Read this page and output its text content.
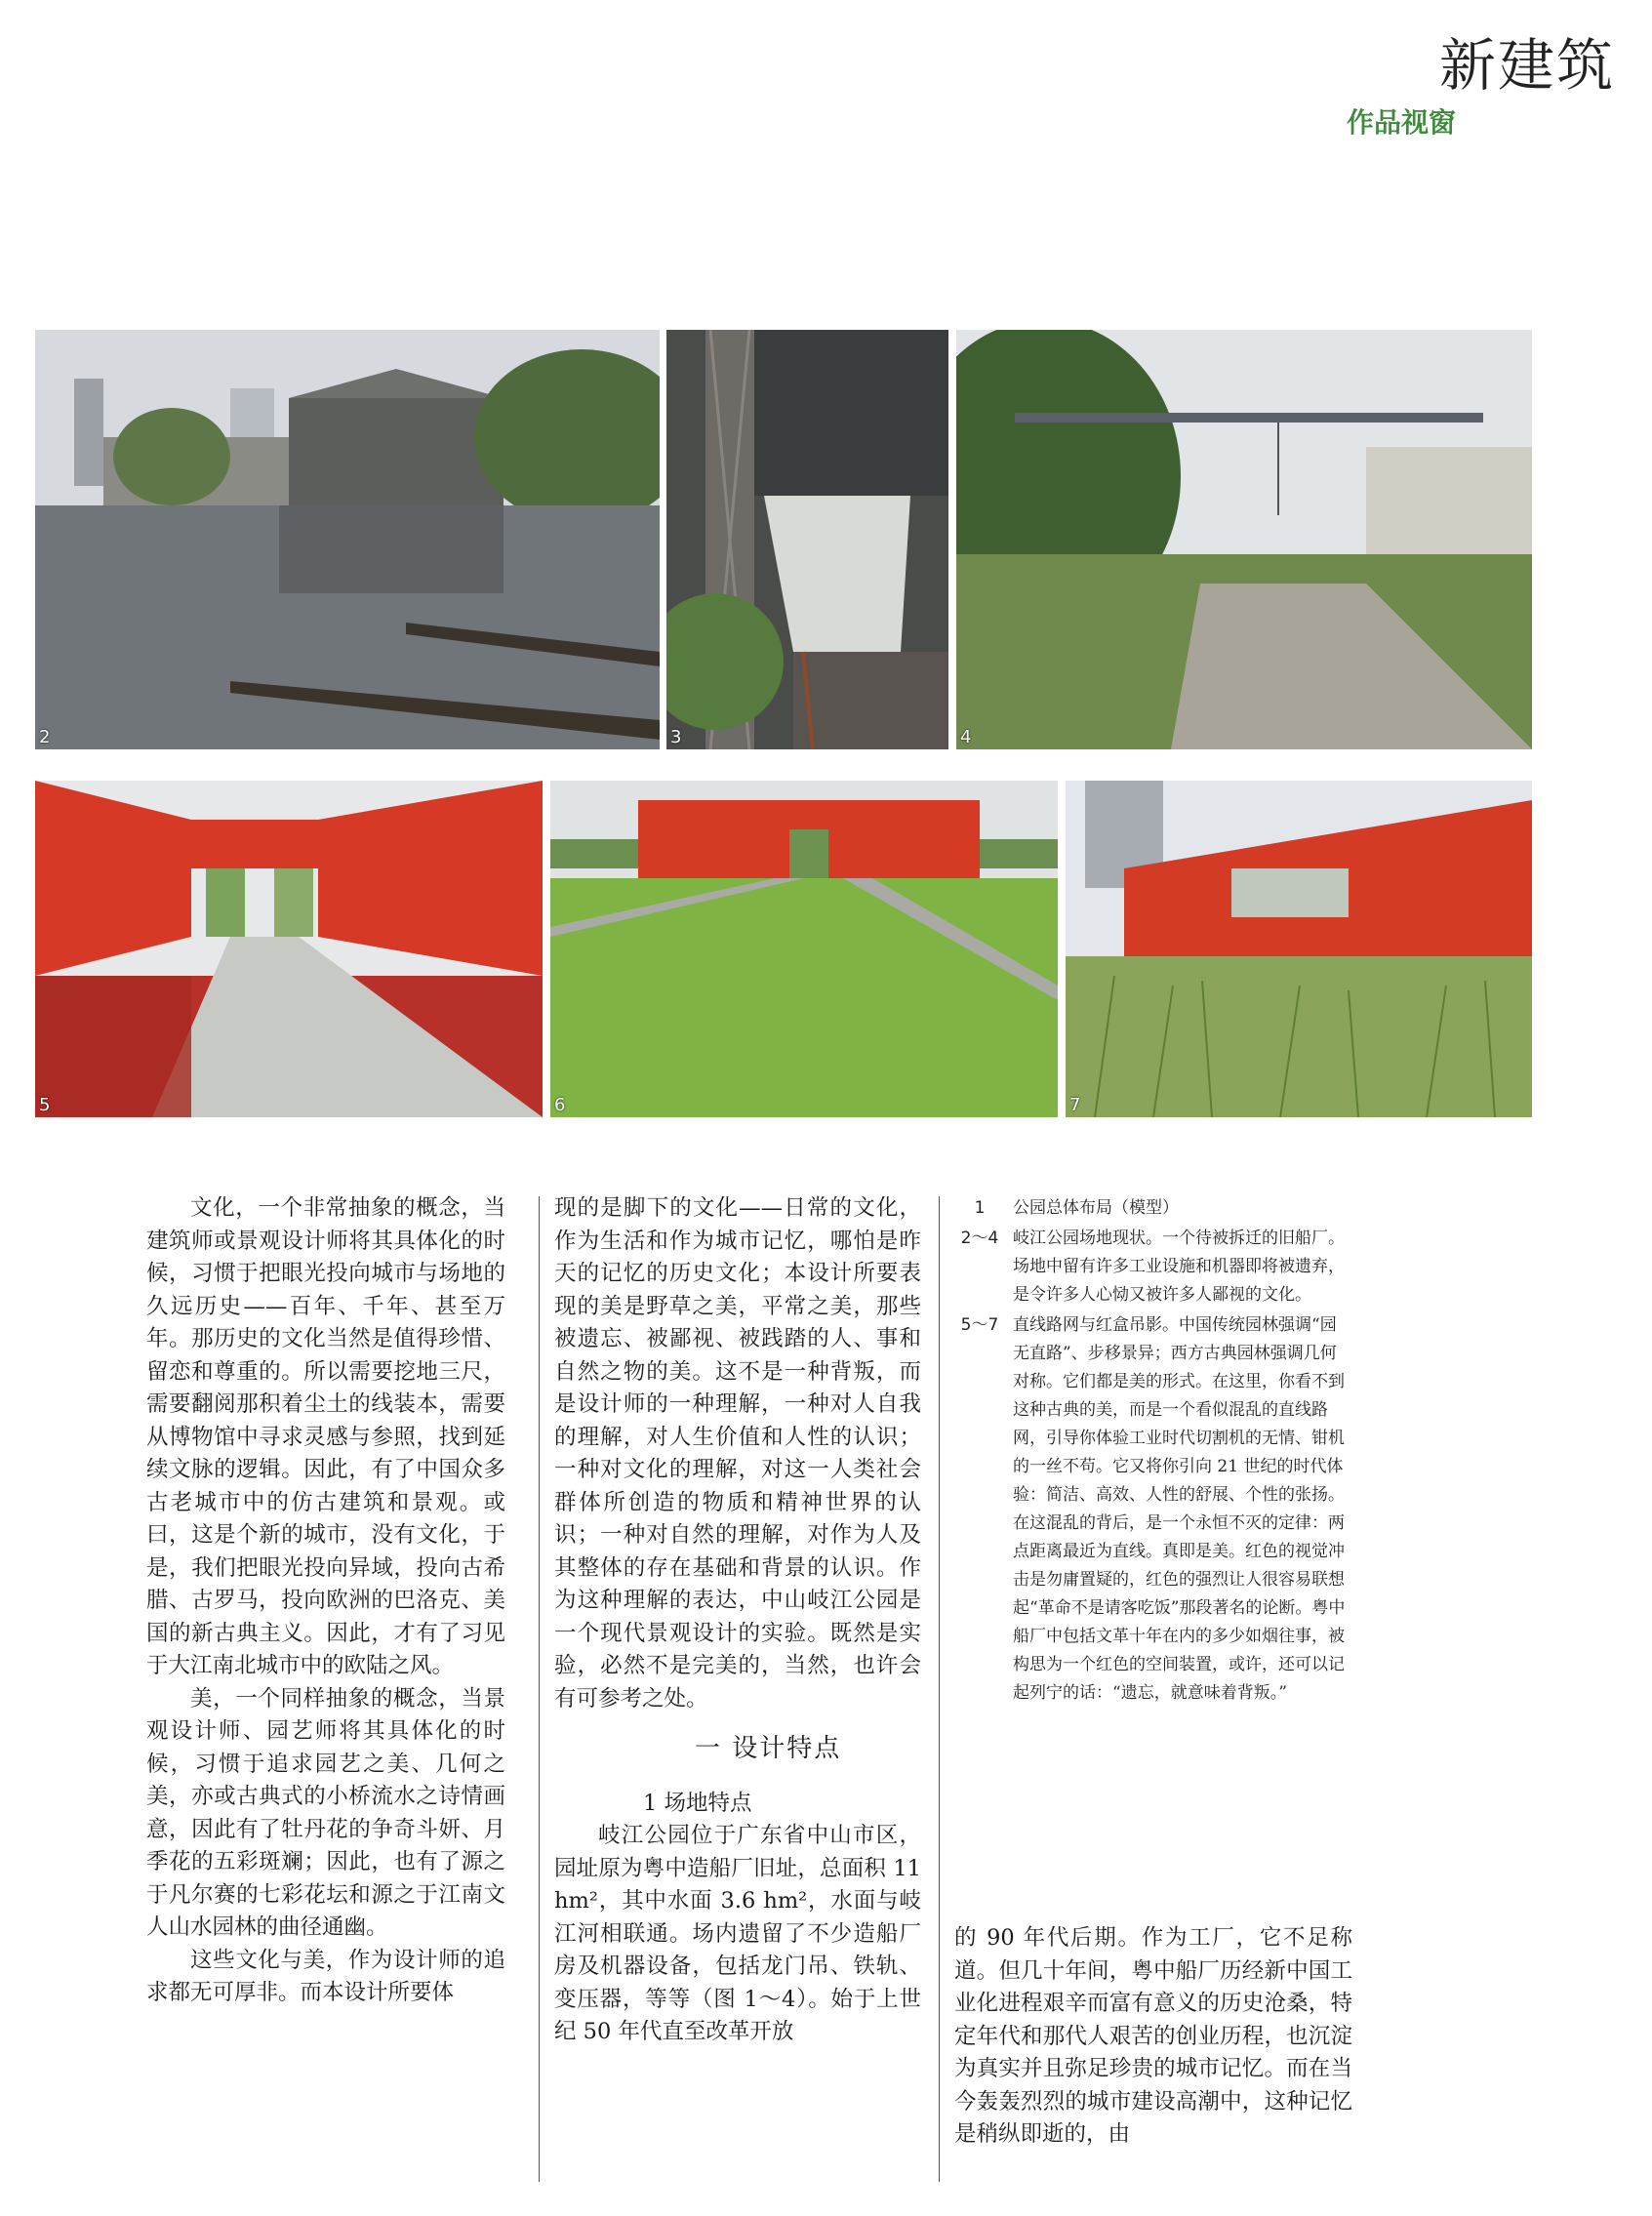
新建筑
作品视窗
2	3	4
5	6	7

文化，一个非常抽象的概念，当建筑师或景观设计师将其具体化的时候，习惯于把眼光投向城市与场地的久远历史——百年、千年、甚至万年。那历史的文化当然是值得珍惜、留恋和尊重的。所以需要挖地三尺，需要翻阅那积着尘土的线装本，需要从博物馆中寻求灵感与参照，找到延续文脉的逻辑。因此，有了中国众多古老城市中的仿古建筑和景观。或曰，这是个新的城市，没有文化，于是，我们把眼光投向异域，投向古希腊、古罗马，投向欧洲的巴洛克、美国的新古典主义。因此，才有了习见于大江南北城市中的欧陆之风。

美，一个同样抽象的概念，当景观设计师、园艺师将其具体化的时候，习惯于追求园艺之美、几何之美，亦或古典式的小桥流水之诗情画意，因此有了牡丹花的争奇斗妍、月季花的五彩斑斓；因此，也有了源之于凡尔赛的七彩花坛和源之于江南文人山水园林的曲径通幽。

这些文化与美，作为设计师的追求都无可厚非。而本设计所要体

现的是脚下的文化——日常的文化，作为生活和作为城市记忆，哪怕是昨天的记忆的历史文化；本设计所要表现的美是野草之美，平常之美，那些被遗忘、被鄙视、被践踏的人、事和自然之物的美。这不是一种背叛，而是设计师的一种理解，一种对人自我的理解，对人生价值和人性的认识；一种对文化的理解，对这一人类社会群体所创造的物质和精神世界的认识；一种对自然的理解，对作为人及其整体的存在基础和背景的认识。作为这种理解的表达，中山岐江公园是一个现代景观设计的实验。既然是实验，必然不是完美的，当然，也许会有可参考之处。

一 设计特点

1 场地特点

岐江公园位于广东省中山市区，园址原为粤中造船厂旧址，总面积 11 hm²，其中水面 3.6 hm²，水面与岐江河相联通。场内遗留了不少造船厂房及机器设备，包括龙门吊、铁轨、变压器，等等（图 1～4）。始于上世纪 50 年代直至改革开放

1	公园总体布局（模型）
2～4 岐江公园场地现状。一个待被拆迁的旧船厂。场地中留有许多工业设施和机器即将被遗弃，是令许多人心恸又被许多人鄙视的文化。
5～7 直线路网与红盒吊影。中国传统园林强调“园无直路”、步移景异；西方古典园林强调几何对称。它们都是美的形式。在这里，你看不到这种古典的美，而是一个看似混乱的直线路网，引导你体验工业时代切割机的无情、钳机的一丝不苟。它又将你引向 21 世纪的时代体验：简洁、高效、人性的舒展、个性的张扬。在这混乱的背后，是一个永恒不灭的定律：两点距离最近为直线。真即是美。红色的视觉冲击是勿庸置疑的，红色的强烈让人很容易联想起“革命不是请客吃饭”那段著名的论断。粤中船厂中包括文革十年在内的多少如烟往事，被构思为一个红色的空间装置，或许，还可以记起列宁的话：“遗忘，就意味着背叛。”

的 90 年代后期。作为工厂，它不足称道。但几十年间，粤中船厂历经新中国工业化进程艰辛而富有意义的历史沧桑，特定年代和那代人艰苦的创业历程，也沉淀为真实并且弥足珍贵的城市记忆。而在当今轰轰烈烈的城市建设高潮中，这种记忆是稍纵即逝的，由
